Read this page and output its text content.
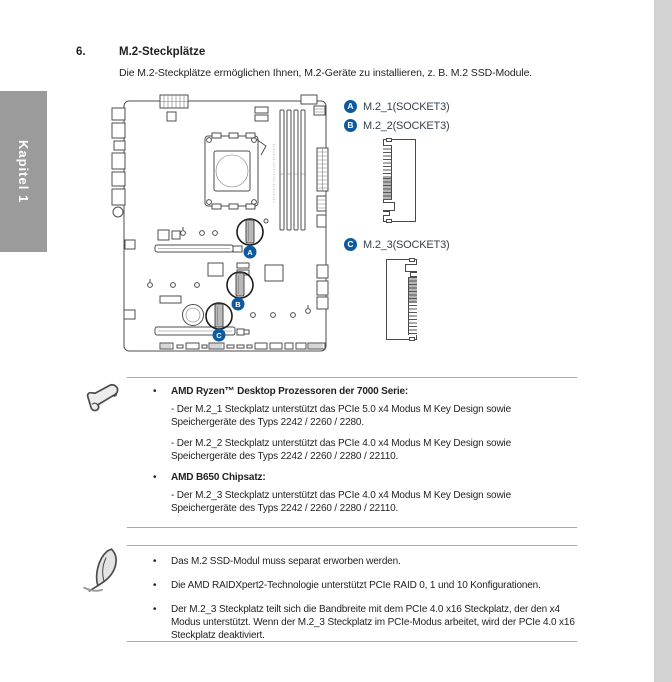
Kapitel 1
6.	M.2-Steckplätze
Die M.2-Steckplätze ermöglichen Ihnen, M.2-Geräte zu installieren, z. B. M.2 SSD-Module.
A
B
C
A M.2_1(SOCKET3)
B M.2_2(SOCKET3)
C M.2_3(SOCKET3)
•	AMD Ryzen™ Desktop Prozessoren der 7000 Serie:

- Der M.2_1 Steckplatz unterstützt das PCIe 5.0 x4 Modus M Key Design sowie Speichergeräte des Typs 2242 / 2260 / 2280.

- Der M.2_2 Steckplatz unterstützt das PCIe 4.0 x4 Modus M Key Design sowie Speichergeräte des Typs 2242 / 2260 / 2280 / 22110.

•	AMD B650 Chipsatz:

- Der M.2_3 Steckplatz unterstützt das PCIe 4.0 x4 Modus M Key Design sowie Speichergeräte des Typs 2242 / 2260 / 2280 / 22110.

•	Das M.2 SSD-Modul muss separat erworben werden.

•	Die AMD RAIDXpert2-Technologie unterstützt PCIe RAID 0, 1 und 10 Konfigurationen.

•	Der M.2_3 Steckplatz teilt sich die Bandbreite mit dem PCIe 4.0 x16 Steckplatz, der den x4 Modus unterstützt. Wenn der M.2_3 Steckplatz im PCIe-Modus arbeitet, wird der PCIe 4.0 x16 Steckplatz deaktiviert.
